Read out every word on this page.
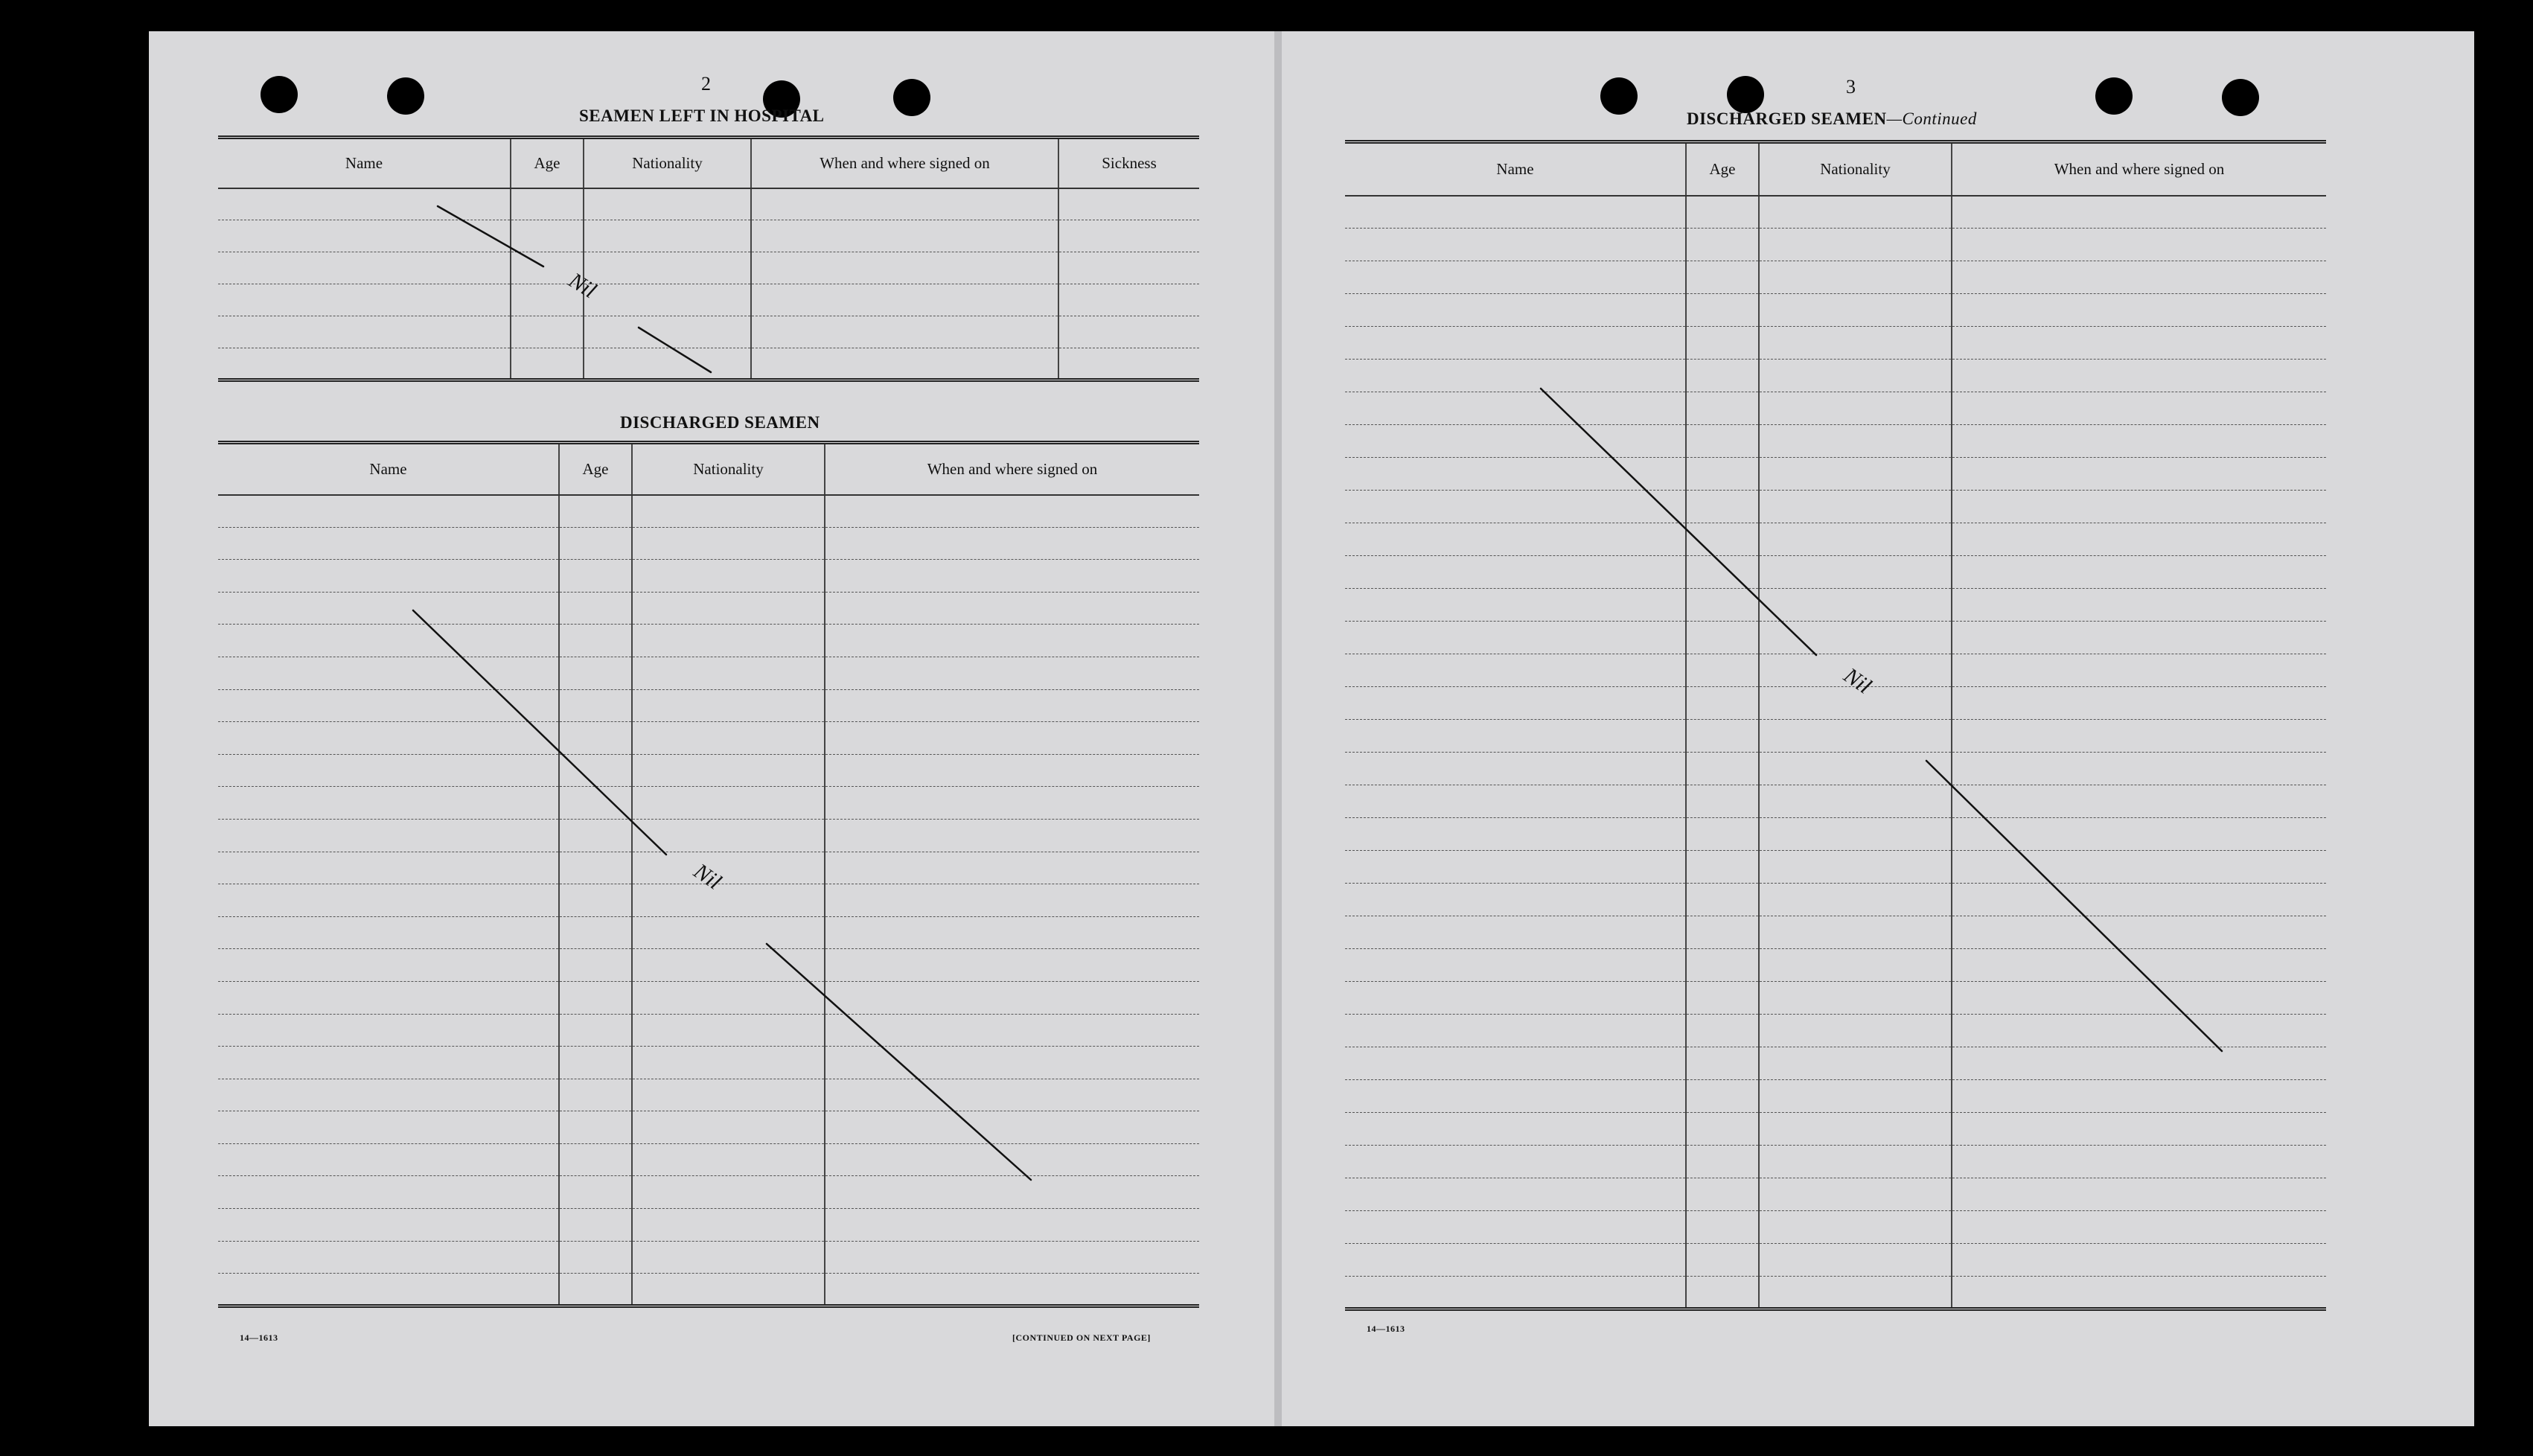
2
SEAMEN LEFT IN HOSPITAL
Name	Age	Nationality	When and where signed on	Sickness

DISCHARGED SEAMEN
Name	Age	Nationality	When and where signed on

14—1613	[CONTINUED ON NEXT PAGE]
3
DISCHARGED SEAMEN—Continued
Name	Age	Nationality	When and where signed on

14—1613
Nil
Nil
Nil
